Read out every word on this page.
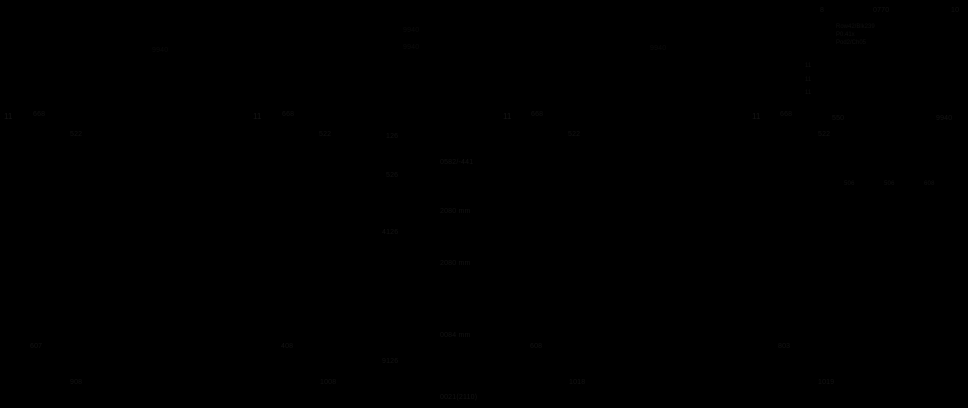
8	0770	10
Row42/Blk239
P0.41x
Pod2/Ch05
11
11
11
9940
9940
9940	9940
11	668
522
11	668
522
11	668
522
11	668
522
550	9940
126
0582/-441
526
2080 mm
4126
2080 mm
0084 mm
9126
0021(2110)
607
908
408
1008
608
1018
803
1019
506	506	608
